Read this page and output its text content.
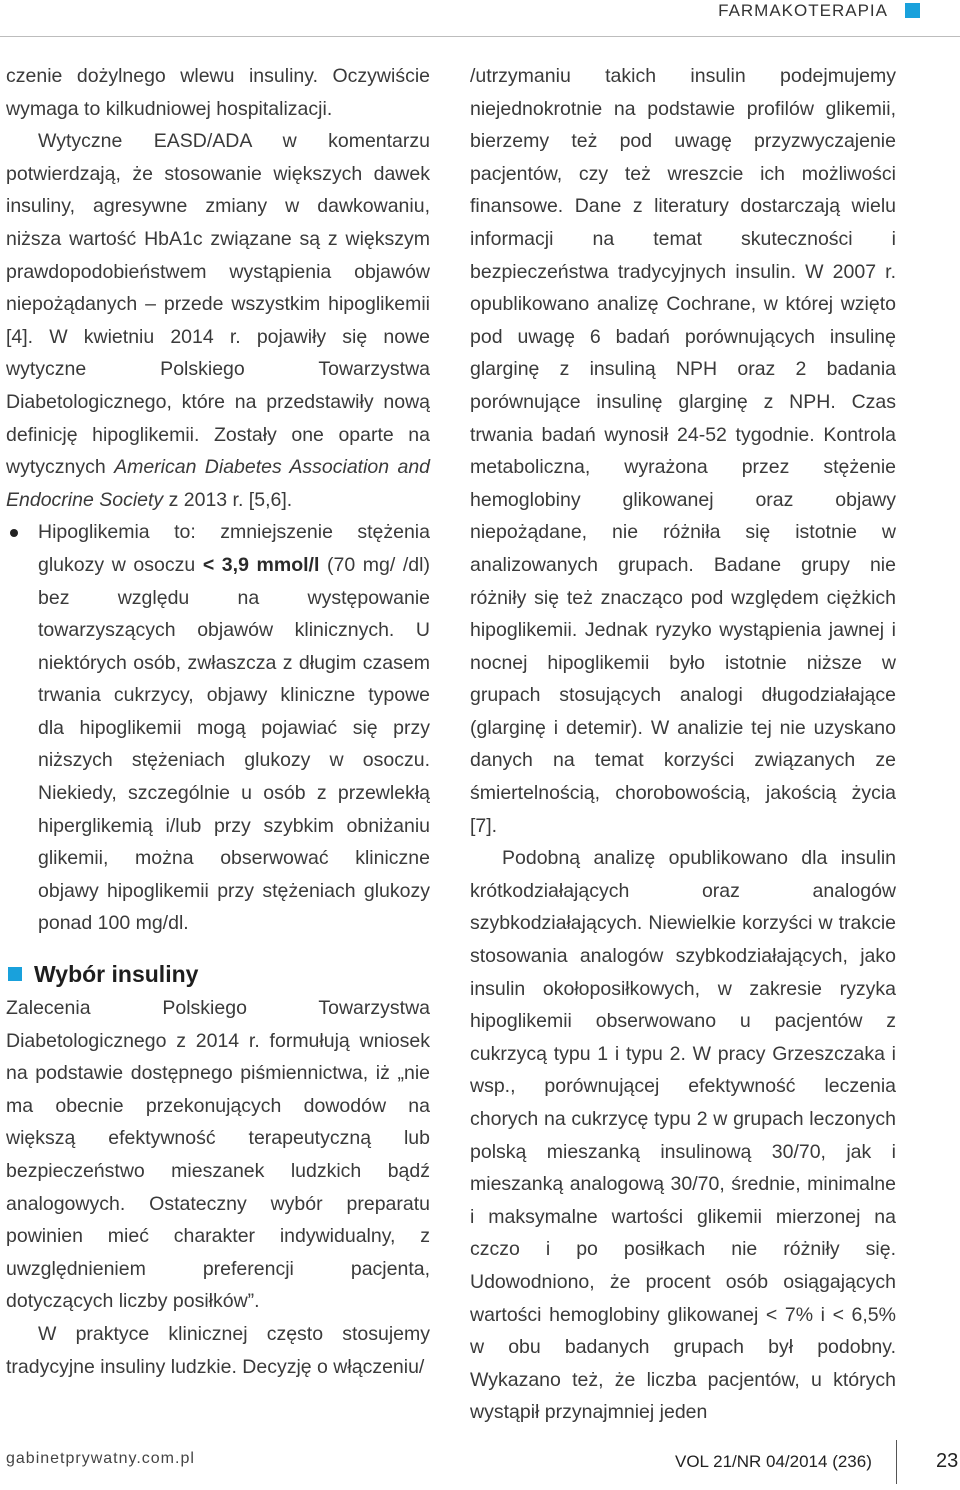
FARMAKOTERAPIA

czenie dożylnego wlewu insuliny. Oczywiście wymaga to kilkudniowej hospitalizacji.

Wytyczne EASD/ADA w komentarzu potwierdzają, że stosowanie większych dawek insuliny, agresywne zmiany w dawkowaniu, niższa wartość HbA1c związane są z większym prawdopodobieństwem wystąpienia objawów niepożądanych – przede wszystkim hipoglikemii [4]. W kwietniu 2014 r. pojawiły się nowe wytyczne Polskiego Towarzystwa Diabetologicznego, które na przedstawiły nową definicję hipoglikemii. Zostały one oparte na wytycznych American Diabetes Association and Endocrine Society z 2013 r. [5,6].

Hipoglikemia to: zmniejszenie stężenia glukozy w osoczu < 3,9 mmol/l (70 mg/ /dl) bez względu na występowanie towarzyszących objawów klinicznych. U niektórych osób, zwłaszcza z długim czasem trwania cukrzycy, objawy kliniczne typowe dla hipoglikemii mogą pojawiać się przy niższych stężeniach glukozy w osoczu. Niekiedy, szczególnie u osób z przewlekłą hiperglikemią i/lub przy szybkim obniżaniu glikemii, można obserwować kliniczne objawy hipoglikemii przy stężeniach glukozy ponad 100 mg/dl.

Wybór insuliny

Zalecenia Polskiego Towarzystwa Diabetologicznego z 2014 r. formułują wniosek na podstawie dostępnego piśmiennictwa, iż „nie ma obecnie przekonujących dowodów na większą efektywność terapeutyczną lub bezpieczeństwo mieszanek ludzkich bądź analogowych. Ostateczny wybór preparatu powinien mieć charakter indywidualny, z uwzględnieniem preferencji pacjenta, dotyczących liczby posiłków”.

W praktyce klinicznej często stosujemy tradycyjne insuliny ludzkie. Decyzję o włączeniu/

/utrzymaniu takich insulin podejmujemy niejednokrotnie na podstawie profilów glikemii, bierzemy też pod uwagę przyzwyczajenie pacjentów, czy też wreszcie ich możliwości finansowe. Dane z literatury dostarczają wielu informacji na temat skuteczności i bezpieczeństwa tradycyjnych insulin. W 2007 r. opublikowano analizę Cochrane, w której wzięto pod uwagę 6 badań porównujących insulinę glarginę z insuliną NPH oraz 2 badania porównujące insulinę glarginę z NPH. Czas trwania badań wynosił 24-52 tygodnie. Kontrola metaboliczna, wyrażona przez stężenie hemoglobiny glikowanej oraz objawy niepożądane, nie różniła się istotnie w analizowanych grupach. Badane grupy nie różniły się też znacząco pod względem ciężkich hipoglikemii. Jednak ryzyko wystąpienia jawnej i nocnej hipoglikemii było istotnie niższe w grupach stosujących analogi długodziałające (glarginę i detemir). W analizie tej nie uzyskano danych na temat korzyści związanych ze śmiertelnością, chorobowością, jakością życia [7].

Podobną analizę opublikowano dla insulin krótkodziałających oraz analogów szybkodziałających. Niewielkie korzyści w trakcie stosowania analogów szybkodziałających, jako insulin okołoposiłkowych, w zakresie ryzyka hipoglikemii obserwowano u pacjentów z cukrzycą typu 1 i typu 2. W pracy Grzeszczaka i wsp., porównującej efektywność leczenia chorych na cukrzycę typu 2 w grupach leczonych polską mieszanką insulinową 30/70, jak i mieszanką analogową 30/70, średnie, minimalne i maksymalne wartości glikemii mierzonej na czczo i po posiłkach nie różniły się. Udowodniono, że procent osób osiągających wartości hemoglobiny glikowanej < 7% i < 6,5% w obu badanych grupach był podobny. Wykazano też, że liczba pacjentów, u których wystąpił przynajmniej jeden

gabinetprywatny.com.pl	VOL 21/NR 04/2014 (236)	23
